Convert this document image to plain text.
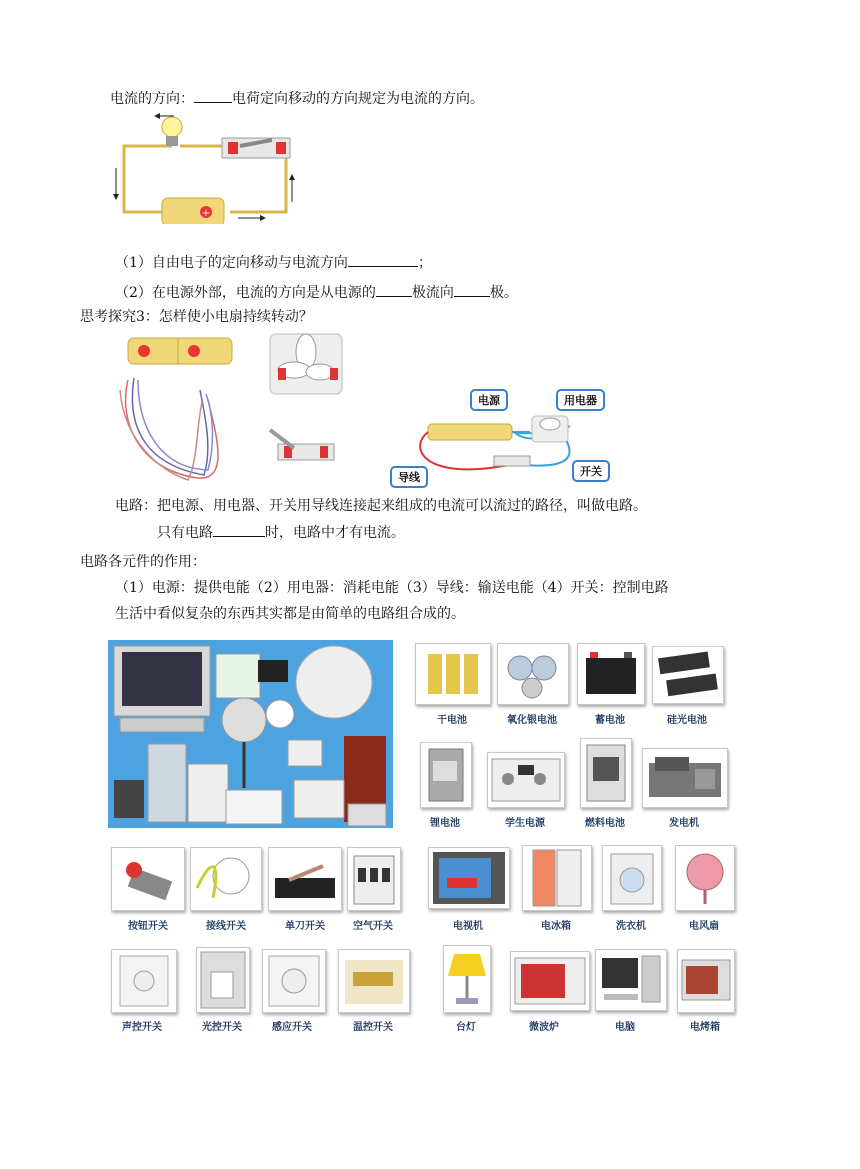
电流的方向：	电荷定向移动的方向规定为电流的方向。
+
（1）自由电子的定向移动与电流方向	；
（2）在电源外部，电流的方向是从电源的	极流向	极。
思考探究3：怎样使小电扇持续转动？
电源	用电器
导线	开关
电路：把电源、用电器、开关用导线连接起来组成的电流可以流过的路径，叫做电路。
只有电路	时，电路中才有电流。
电路各元件的作用：
（1）电源：提供电能（2）用电器：消耗电能（3）导线：输送电能（4）开关：控制电路
生活中看似复杂的东西其实都是由简单的电路组合成的。
干电池	氧化银电池	蓄电池	硅光电池
锂电池	学生电源	燃料电池	发电机
按钮开关	接线开关	单刀开关	空气开关	电视机	电冰箱	洗衣机	电风扇
声控开关	光控开关	感应开关	温控开关	台灯	微波炉	电脑	电烤箱
